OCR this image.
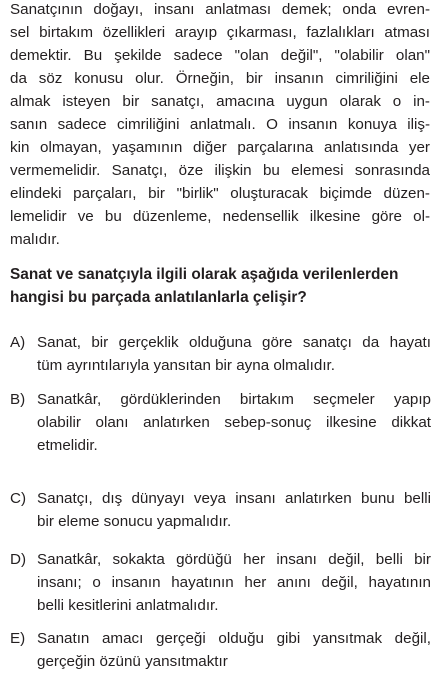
Sanatçının doğayı, insanı anlatması demek; onda evren-
sel birtakım özellikleri arayıp çıkarması, fazlalıkları atması
demektir. Bu şekilde sadece "olan değil", "olabilir olan"
da söz konusu olur. Örneğin, bir insanın cimriliğini ele
almak isteyen bir sanatçı, amacına uygun olarak o in-
sanın sadece cimriliğini anlatmalı. O insanın konuya iliş-
kin olmayan, yaşamının diğer parçalarına anlatısında yer
vermemelidir. Sanatçı, öze ilişkin bu elemesi sonrasında
elindeki parçaları, bir "birlik" oluşturacak biçimde düzen-
lemelidir ve bu düzenleme, nedensellik ilkesine göre ol-
malıdır.
Sanat ve sanatçıyla ilgili olarak aşağıda verilenlerden
hangisi bu parçada anlatılanlarla çelişir?
A) Sanat, bir gerçeklik olduğuna göre sanatçı da hayatı
tüm ayrıntılarıyla yansıtan bir ayna olmalıdır.
B) Sanatkâr, gördüklerinden birtakım seçmeler yapıp
olabilir olanı anlatırken sebep-sonuç ilkesine dikkat
etmelidir.
C) Sanatçı, dış dünyayı veya insanı anlatırken bunu belli
bir eleme sonucu yapmalıdır.
D) Sanatkâr, sokakta gördüğü her insanı değil, belli bir
insanı; o insanın hayatının her anını değil, hayatının
belli kesitlerini anlatmalıdır.
E) Sanatın amacı gerçeği olduğu gibi yansıtmak değil,
gerçeğin özünü yansıtmaktır
